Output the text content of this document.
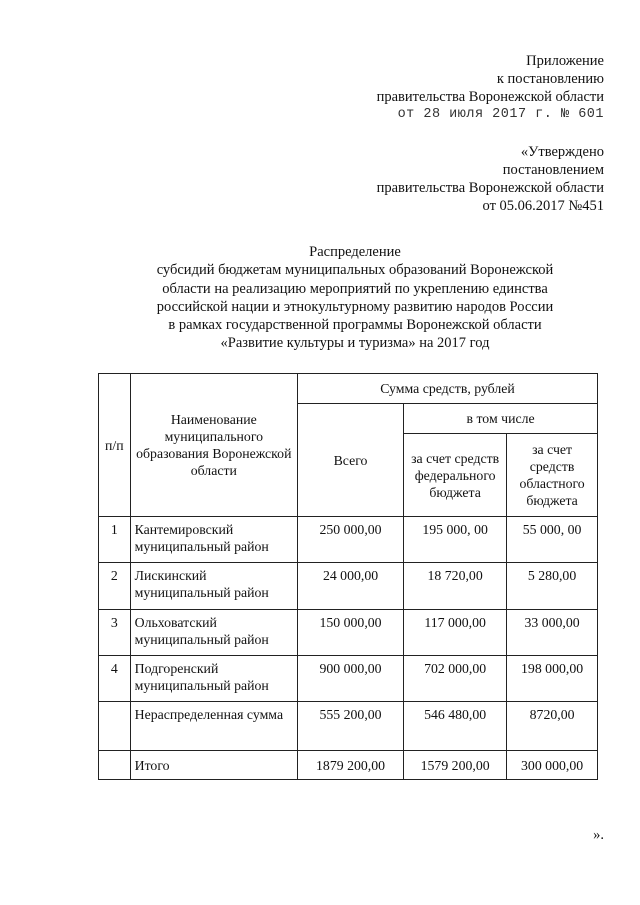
Приложение
к постановлению
правительства Воронежской области
от 28 июля 2017 г. № 601
«Утверждено
постановлением
правительства Воронежской области
от 05.06.2017 №451
Распределение
субсидий бюджетам муниципальных образований Воронежской
области на реализацию мероприятий по укреплению единства
российской нации и этнокультурному развитию народов России
в рамках государственной программы Воронежской области
«Развитие культуры и туризма» на 2017 год
п/п	Наименование муниципального образования Воронежской области	Сумма средств, рублей		
		Всего	в том числе	
			за счет средств федерального бюджета	за счет средств областного бюджета
1	Кантемировский муниципальный район	250 000,00	195 000, 00	55 000, 00
2	Лискинский муниципальный район	24 000,00	18 720,00	5 280,00
3	Ольховатский муниципальный район	150 000,00	117 000,00	33 000,00
4	Подгоренский муниципальный район	900 000,00	702 000,00	198 000,00
	Нераспределенная сумма	555 200,00	546 480,00	8720,00
	Итого	1879 200,00	1579 200,00	300 000,00
».
